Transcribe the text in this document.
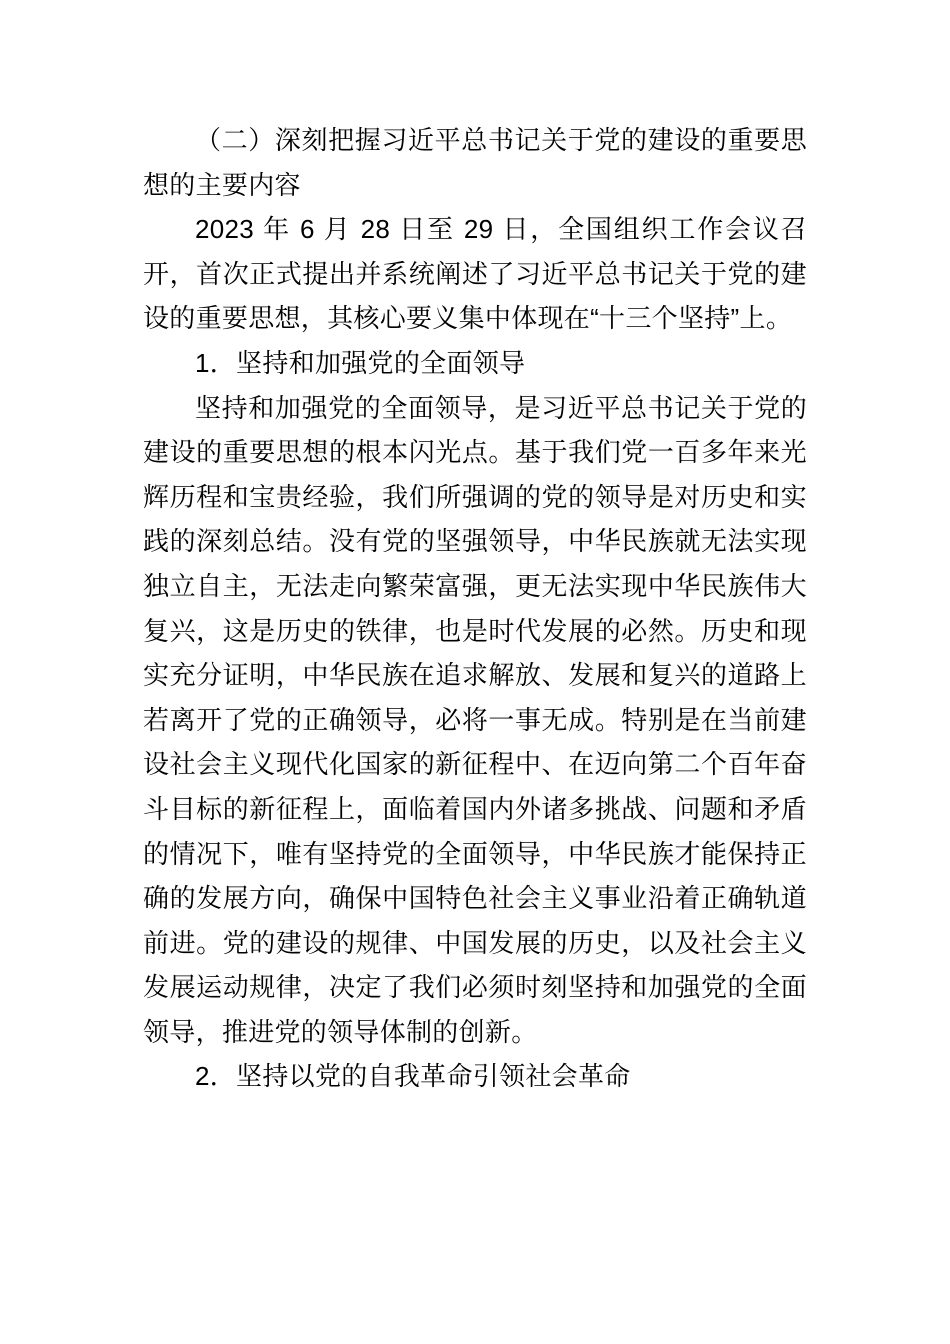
（二）深刻把握习近平总书记关于党的建设的重要思想的主要内容

2023 年 6 月 28 日至 29 日，全国组织工作会议召开，首次正式提出并系统阐述了习近平总书记关于党的建设的重要思想，其核心要义集中体现在“十三个坚持”上。

1．坚持和加强党的全面领导

坚持和加强党的全面领导，是习近平总书记关于党的建设的重要思想的根本闪光点。基于我们党一百多年来光辉历程和宝贵经验，我们所强调的党的领导是对历史和实践的深刻总结。没有党的坚强领导，中华民族就无法实现独立自主，无法走向繁荣富强，更无法实现中华民族伟大复兴，这是历史的铁律，也是时代发展的必然。历史和现实充分证明，中华民族在追求解放、发展和复兴的道路上若离开了党的正确领导，必将一事无成。特别是在当前建设社会主义现代化国家的新征程中、在迈向第二个百年奋斗目标的新征程上，面临着国内外诸多挑战、问题和矛盾的情况下，唯有坚持党的全面领导，中华民族才能保持正确的发展方向，确保中国特色社会主义事业沿着正确轨道前进。党的建设的规律、中国发展的历史，以及社会主义发展运动规律，决定了我们必须时刻坚持和加强党的全面领导，推进党的领导体制的创新。

2．坚持以党的自我革命引领社会革命
